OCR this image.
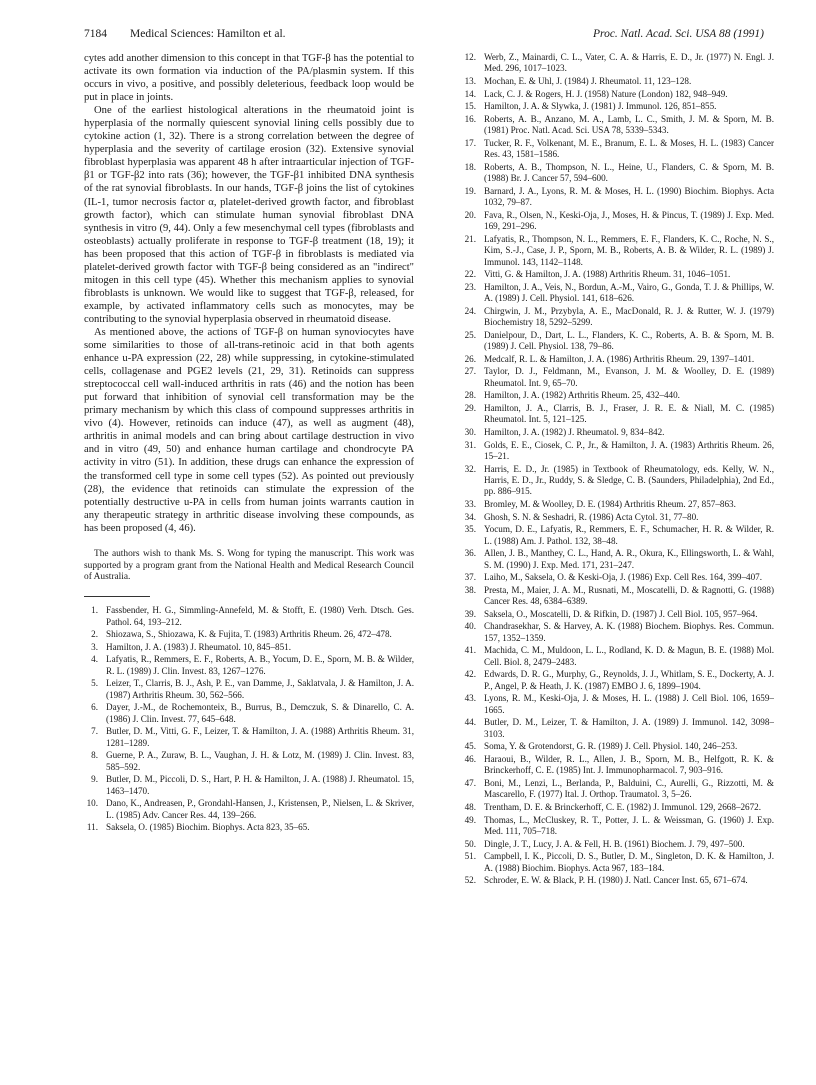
7184 Medical Sciences: Hamilton et al.	Proc. Natl. Acad. Sci. USA 88 (1991)

cytes add another dimension to this concept in that TGF-β has the potential to activate its own formation via induction of the PA/plasmin system. If this occurs in vivo, a positive, and possibly deleterious, feedback loop would be put in place in joints.

One of the earliest histological alterations in the rheumatoid joint is hyperplasia of the normally quiescent synovial lining cells possibly due to cytokine action (1, 32). There is a strong correlation between the degree of hyperplasia and the severity of cartilage erosion (32). Extensive synovial fibroblast hyperplasia was apparent 48 h after intraarticular injection of TGF-β1 or TGF-β2 into rats (36); however, the TGF-β1 inhibited DNA synthesis of the rat synovial fibroblasts. In our hands, TGF-β joins the list of cytokines (IL-1, tumor necrosis factor α, platelet-derived growth factor, and fibroblast growth factor), which can stimulate human synovial fibroblast DNA synthesis in vitro (9, 44). Only a few mesenchymal cell types (fibroblasts and osteoblasts) actually proliferate in response to TGF-β treatment (18, 19); it has been proposed that this action of TGF-β in fibroblasts is mediated via platelet-derived growth factor with TGF-β being considered as an "indirect" mitogen in this cell type (45). Whether this mechanism applies to synovial fibroblasts is unknown. We would like to suggest that TGF-β, released, for example, by activated inflammatory cells such as monocytes, may be contributing to the synovial hyperplasia observed in rheumatoid disease.

As mentioned above, the actions of TGF-β on human synoviocytes have some similarities to those of all-trans-retinoic acid in that both agents enhance u-PA expression (22, 28) while suppressing, in cytokine-stimulated cells, collagenase and PGE2 levels (21, 29, 31). Retinoids can suppress streptococcal cell wall-induced arthritis in rats (46) and the notion has been put forward that inhibition of synovial cell transformation may be the primary mechanism by which this class of compound suppresses arthritis in vivo (4). However, retinoids can induce (47), as well as augment (48), arthritis in animal models and can bring about cartilage destruction in vivo and in vitro (49, 50) and enhance human cartilage and chondrocyte PA activity in vitro (51). In addition, these drugs can enhance the expression of the transformed cell type in some cell types (52). As pointed out previously (28), the evidence that retinoids can stimulate the expression of the potentially destructive u-PA in cells from human joints warrants caution in any therapeutic strategy in arthritic disease involving these compounds, as has been proposed (4, 46).

The authors wish to thank Ms. S. Wong for typing the manuscript. This work was supported by a program grant from the National Health and Medical Research Council of Australia.

1. Fassbender, H. G., Simmling-Annefeld, M. & Stofft, E. (1980) Verh. Dtsch. Ges. Pathol. 64, 193–212.
2. Shiozawa, S., Shiozawa, K. & Fujita, T. (1983) Arthritis Rheum. 26, 472–478.
3. Hamilton, J. A. (1983) J. Rheumatol. 10, 845–851.
4. Lafyatis, R., Remmers, E. F., Roberts, A. B., Yocum, D. E., Sporn, M. B. & Wilder, R. L. (1989) J. Clin. Invest. 83, 1267–1276.
5. Leizer, T., Clarris, B. J., Ash, P. E., van Damme, J., Saklatvala, J. & Hamilton, J. A. (1987) Arthritis Rheum. 30, 562–566.
6. Dayer, J.-M., de Rochemonteix, B., Burrus, B., Demczuk, S. & Dinarello, C. A. (1986) J. Clin. Invest. 77, 645–648.
7. Butler, D. M., Vitti, G. F., Leizer, T. & Hamilton, J. A. (1988) Arthritis Rheum. 31, 1281–1289.
8. Guerne, P. A., Zuraw, B. L., Vaughan, J. H. & Lotz, M. (1989) J. Clin. Invest. 83, 585–592.
9. Butler, D. M., Piccoli, D. S., Hart, P. H. & Hamilton, J. A. (1988) J. Rheumatol. 15, 1463–1470.
10. Dano, K., Andreasen, P., Grondahl-Hansen, J., Kristensen, P., Nielsen, L. & Skriver, L. (1985) Adv. Cancer Res. 44, 139–266.
11. Saksela, O. (1985) Biochim. Biophys. Acta 823, 35–65.
12. Werb, Z., Mainardi, C. L., Vater, C. A. & Harris, E. D., Jr. (1977) N. Engl. J. Med. 296, 1017–1023.
13. Mochan, E. & Uhl, J. (1984) J. Rheumatol. 11, 123–128.
14. Lack, C. J. & Rogers, H. J. (1958) Nature (London) 182, 948–949.
15. Hamilton, J. A. & Slywka, J. (1981) J. Immunol. 126, 851–855.
16. Roberts, A. B., Anzano, M. A., Lamb, L. C., Smith, J. M. & Sporn, M. B. (1981) Proc. Natl. Acad. Sci. USA 78, 5339–5343.
17. Tucker, R. F., Volkenant, M. E., Branum, E. L. & Moses, H. L. (1983) Cancer Res. 43, 1581–1586.
18. Roberts, A. B., Thompson, N. L., Heine, U., Flanders, C. & Sporn, M. B. (1988) Br. J. Cancer 57, 594–600.
19. Barnard, J. A., Lyons, R. M. & Moses, H. L. (1990) Biochim. Biophys. Acta 1032, 79–87.
20. Fava, R., Olsen, N., Keski-Oja, J., Moses, H. & Pincus, T. (1989) J. Exp. Med. 169, 291–296.
21. Lafyatis, R., Thompson, N. L., Remmers, E. F., Flanders, K. C., Roche, N. S., Kim, S.-J., Case, J. P., Sporn, M. B., Roberts, A. B. & Wilder, R. L. (1989) J. Immunol. 143, 1142–1148.
22. Vitti, G. & Hamilton, J. A. (1988) Arthritis Rheum. 31, 1046–1051.
23. Hamilton, J. A., Veis, N., Bordun, A.-M., Vairo, G., Gonda, T. J. & Phillips, W. A. (1989) J. Cell. Physiol. 141, 618–626.
24. Chirgwin, J. M., Przybyla, A. E., MacDonald, R. J. & Rutter, W. J. (1979) Biochemistry 18, 5292–5299.
25. Danielpour, D., Dart, L. L., Flanders, K. C., Roberts, A. B. & Sporn, M. B. (1989) J. Cell. Physiol. 138, 79–86.
26. Medcalf, R. L. & Hamilton, J. A. (1986) Arthritis Rheum. 29, 1397–1401.
27. Taylor, D. J., Feldmann, M., Evanson, J. M. & Woolley, D. E. (1989) Rheumatol. Int. 9, 65–70.
28. Hamilton, J. A. (1982) Arthritis Rheum. 25, 432–440.
29. Hamilton, J. A., Clarris, B. J., Fraser, J. R. E. & Niall, M. C. (1985) Rheumatol. Int. 5, 121–125.
30. Hamilton, J. A. (1982) J. Rheumatol. 9, 834–842.
31. Golds, E. E., Ciosek, C. P., Jr., & Hamilton, J. A. (1983) Arthritis Rheum. 26, 15–21.
32. Harris, E. D., Jr. (1985) in Textbook of Rheumatology, eds. Kelly, W. N., Harris, E. D., Jr., Ruddy, S. & Sledge, C. B. (Saunders, Philadelphia), 2nd Ed., pp. 886–915.
33. Bromley, M. & Woolley, D. E. (1984) Arthritis Rheum. 27, 857–863.
34. Ghosh, S. N. & Seshadri, R. (1986) Acta Cytol. 31, 77–80.
35. Yocum, D. E., Lafyatis, R., Remmers, E. F., Schumacher, H. R. & Wilder, R. L. (1988) Am. J. Pathol. 132, 38–48.
36. Allen, J. B., Manthey, C. L., Hand, A. R., Okura, K., Ellingsworth, L. & Wahl, S. M. (1990) J. Exp. Med. 171, 231–247.
37. Laiho, M., Saksela, O. & Keski-Oja, J. (1986) Exp. Cell Res. 164, 399–407.
38. Presta, M., Maier, J. A. M., Rusnati, M., Moscatelli, D. & Ragnotti, G. (1988) Cancer Res. 48, 6384–6389.
39. Saksela, O., Moscatelli, D. & Rifkin, D. (1987) J. Cell Biol. 105, 957–964.
40. Chandrasekhar, S. & Harvey, A. K. (1988) Biochem. Biophys. Res. Commun. 157, 1352–1359.
41. Machida, C. M., Muldoon, L. L., Rodland, K. D. & Magun, B. E. (1988) Mol. Cell. Biol. 8, 2479–2483.
42. Edwards, D. R. G., Murphy, G., Reynolds, J. J., Whitlam, S. E., Dockerty, A. J. P., Angel, P. & Heath, J. K. (1987) EMBO J. 6, 1899–1904.
43. Lyons, R. M., Keski-Oja, J. & Moses, H. L. (1988) J. Cell Biol. 106, 1659–1665.
44. Butler, D. M., Leizer, T. & Hamilton, J. A. (1989) J. Immunol. 142, 3098–3103.
45. Soma, Y. & Grotendorst, G. R. (1989) J. Cell. Physiol. 140, 246–253.
46. Haraoui, B., Wilder, R. L., Allen, J. B., Sporn, M. B., Helfgott, R. K. & Brinckerhoff, C. E. (1985) Int. J. Immunopharmacol. 7, 903–916.
47. Boni, M., Lenzi, L., Berlanda, P., Balduini, C., Aurelli, G., Rizzotti, M. & Mascarello, F. (1977) Ital. J. Orthop. Traumatol. 3, 5–26.
48. Trentham, D. E. & Brinckerhoff, C. E. (1982) J. Immunol. 129, 2668–2672.
49. Thomas, L., McCluskey, R. T., Potter, J. L. & Weissman, G. (1960) J. Exp. Med. 111, 705–718.
50. Dingle, J. T., Lucy, J. A. & Fell, H. B. (1961) Biochem. J. 79, 497–500.
51. Campbell, I. K., Piccoli, D. S., Butler, D. M., Singleton, D. K. & Hamilton, J. A. (1988) Biochim. Biophys. Acta 967, 183–184.
52. Schroder, E. W. & Black, P. H. (1980) J. Natl. Cancer Inst. 65, 671–674.
